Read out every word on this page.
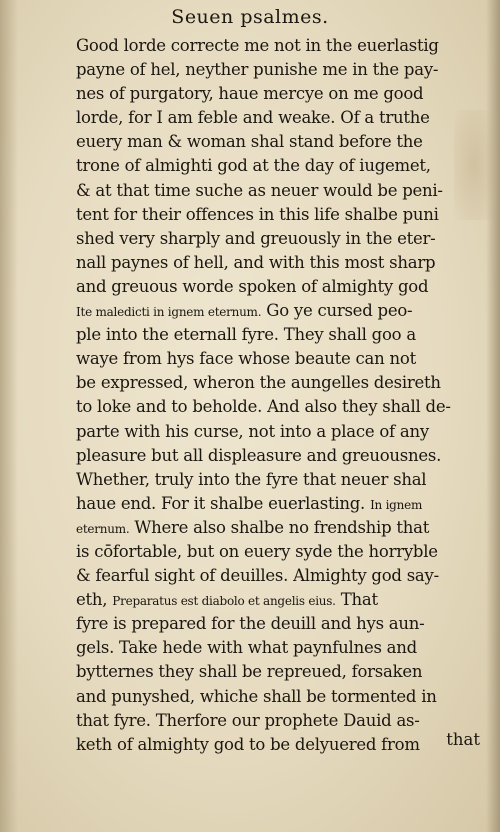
Seuen psalmes.
Good lorde correcte me not in the euerlastig
payne of hel, neyther punishe me in the pay-
nes of purgatory, haue mercye on me good
lorde, for I am feble and weake. Of a truthe
euery man & woman shal stand before the
trone of almighti god at the day of iugemet,
& at that time suche as neuer would be peni-
tent for their offences in this life shalbe puni
shed very sharply and greuously in the eter-
nall paynes of hell, and with this most sharp
and greuous worde spoken of almighty god
Ite maledicti in ignem eternum. Go ye cursed peo-
ple into the eternall fyre. They shall goo a
waye from hys face whose beaute can not
be expressed, wheron the aungelles desireth
to loke and to beholde. And also they shall de-
parte with his curse, not into a place of any
pleasure but all displeasure and greuousnes.
Whether, truly into the fyre that neuer shal
haue end. For it shalbe euerlasting. In ignem
eternum. Where also shalbe no frendship that
is cōfortable, but on euery syde the horryble
& fearful sight of deuilles. Almighty god say-
eth, Preparatus est diabolo et angelis eius. That
fyre is prepared for the deuill and hys aun-
gels. Take hede with what paynfulnes and
bytternes they shall be repreued, forsaken
and punyshed, whiche shall be tormented in
that fyre. Therfore our prophete Dauid as-
keth of almighty god to be delyuered from	that
